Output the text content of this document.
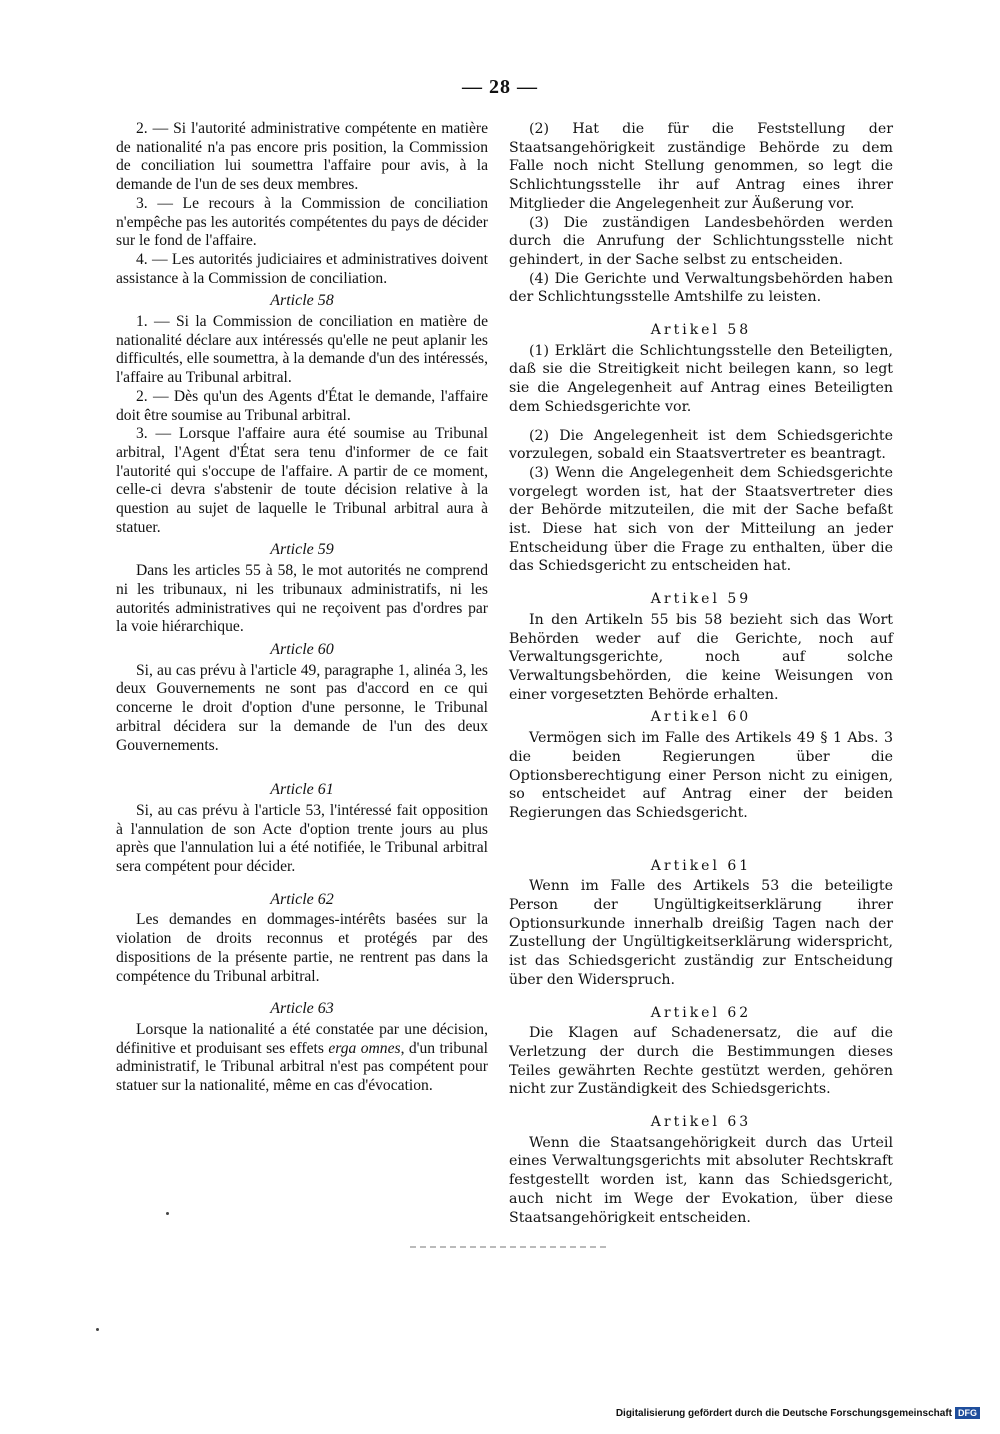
— 28 —

2. — Si l'autorité administrative compétente en matière de nationalité n'a pas encore pris position, la Commission de conciliation lui soumettra l'affaire pour avis, à la demande de l'un de ses deux membres.

3. — Le recours à la Commission de conciliation n'empêche pas les autorités compétentes du pays de décider sur le fond de l'affaire.

4. — Les autorités judiciaires et administratives doivent assistance à la Commission de conciliation.

Article 58

1. — Si la Commission de conciliation en matière de nationalité déclare aux intéressés qu'elle ne peut aplanir les difficultés, elle soumettra, à la demande d'un des intéressés, l'affaire au Tribunal arbitral.

2. — Dès qu'un des Agents d'État le demande, l'affaire doit être soumise au Tribunal arbitral.

3. — Lorsque l'affaire aura été soumise au Tribunal arbitral, l'Agent d'État sera tenu d'informer de ce fait l'autorité qui s'occupe de l'affaire. A partir de ce moment, celle-ci devra s'abstenir de toute décision relative à la question au sujet de laquelle le Tribunal arbitral aura à statuer.

Article 59

Dans les articles 55 à 58, le mot autorités ne comprend ni les tribunaux, ni les tribunaux administratifs, ni les autorités administratives qui ne reçoivent pas d'ordres par la voie hiérarchique.

Article 60

Si, au cas prévu à l'article 49, paragraphe 1, alinéa 3, les deux Gouvernements ne sont pas d'accord en ce qui concerne le droit d'option d'une personne, le Tribunal arbitral décidera sur la demande de l'un des deux Gouvernements.

Article 61

Si, au cas prévu à l'article 53, l'intéressé fait opposition à l'annulation de son Acte d'option trente jours au plus après que l'annulation lui a été notifiée, le Tribunal arbitral sera compétent pour décider.

Article 62

Les demandes en dommages-intérêts basées sur la violation de droits reconnus et protégés par des dispositions de la présente partie, ne rentrent pas dans la compétence du Tribunal arbitral.

Article 63

Lorsque la nationalité a été constatée par une décision, définitive et produisant ses effets erga omnes, d'un tribunal administratif, le Tribunal arbitral n'est pas compétent pour statuer sur la nationalité, même en cas d'évocation.

(2) Hat die für die Feststellung der Staatsangehörigkeit zuständige Behörde zu dem Falle noch nicht Stellung genommen, so legt die Schlichtungsstelle ihr auf Antrag eines ihrer Mitglieder die Angelegenheit zur Äußerung vor.

(3) Die zuständigen Landesbehörden werden durch die Anrufung der Schlichtungsstelle nicht gehindert, in der Sache selbst zu entscheiden.

(4) Die Gerichte und Verwaltungsbehörden haben der Schlichtungsstelle Amtshilfe zu leisten.

Artikel 58

(1) Erklärt die Schlichtungsstelle den Beteiligten, daß sie die Streitigkeit nicht beilegen kann, so legt sie die Angelegenheit auf Antrag eines Beteiligten dem Schiedsgerichte vor.

(2) Die Angelegenheit ist dem Schiedsgerichte vorzulegen, sobald ein Staatsvertreter es beantragt.

(3) Wenn die Angelegenheit dem Schiedsgerichte vorgelegt worden ist, hat der Staatsvertreter dies der Behörde mitzuteilen, die mit der Sache befaßt ist. Diese hat sich von der Mitteilung an jeder Entscheidung über die Frage zu enthalten, über die das Schiedsgericht zu entscheiden hat.

Artikel 59

In den Artikeln 55 bis 58 bezieht sich das Wort Behörden weder auf die Gerichte, noch auf Verwaltungsgerichte, noch auf solche Verwaltungsbehörden, die keine Weisungen von einer vorgesetzten Behörde erhalten.

Artikel 60

Vermögen sich im Falle des Artikels 49 § 1 Abs. 3 die beiden Regierungen über die Optionsberechtigung einer Person nicht zu einigen, so entscheidet auf Antrag einer der beiden Regierungen das Schiedsgericht.

Artikel 61

Wenn im Falle des Artikels 53 die beteiligte Person der Ungültigkeitserklärung ihrer Optionsurkunde innerhalb dreißig Tagen nach der Zustellung der Ungültigkeitserklärung widerspricht, ist das Schiedsgericht zuständig zur Entscheidung über den Widerspruch.

Artikel 62

Die Klagen auf Schadenersatz, die auf die Verletzung der durch die Bestimmungen dieses Teiles gewährten Rechte gestützt werden, gehören nicht zur Zuständigkeit des Schiedsgerichts.

Artikel 63

Wenn die Staatsangehörigkeit durch das Urteil eines Verwaltungsgerichts mit absoluter Rechtskraft festgestellt worden ist, kann das Schiedsgericht, auch nicht im Wege der Evokation, über diese Staatsangehörigkeit entscheiden.

Digitalisierung gefördert durch die Deutsche Forschungsgemeinschaft DFG
